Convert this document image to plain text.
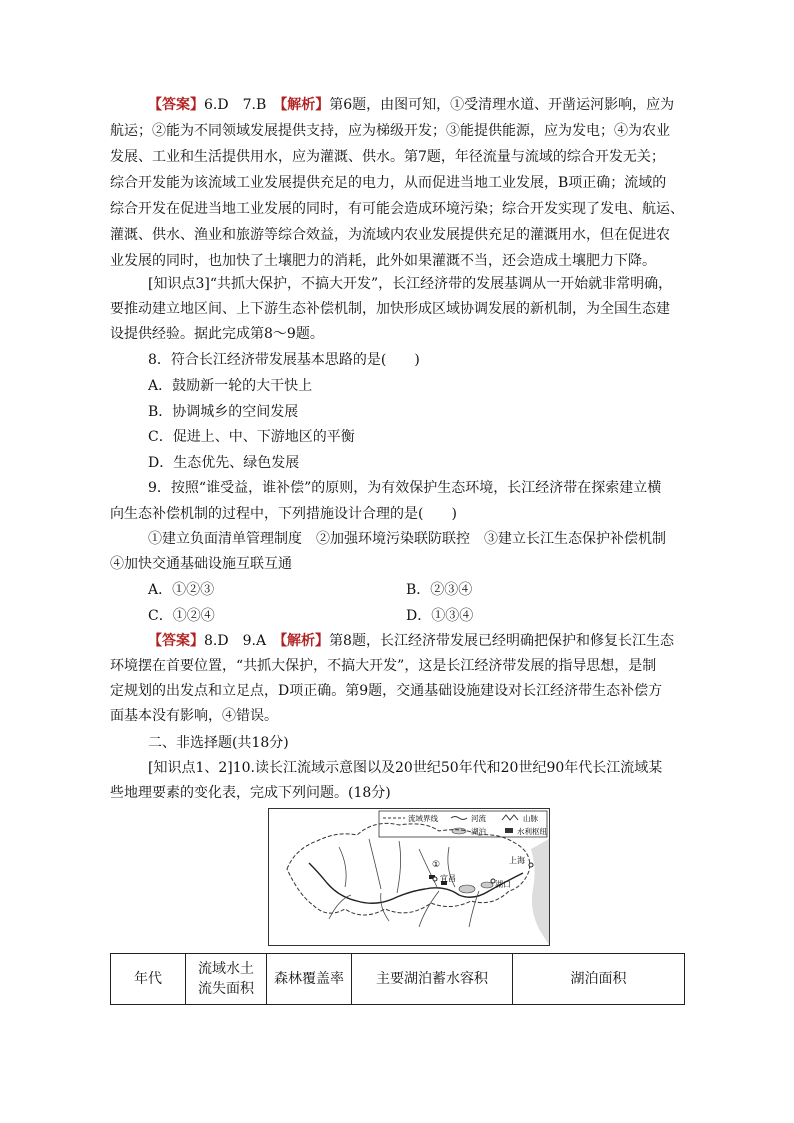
【答案】6.D　7.B　【解析】第6题，由图可知，①受清理水道、开凿运河影响，应为
航运；②能为不同领域发展提供支持，应为梯级开发；③能提供能源，应为发电；④为农业
发展、工业和生活提供用水，应为灌溉、供水。第7题，年径流量与流域的综合开发无关；
综合开发能为该流域工业发展提供充足的电力，从而促进当地工业发展，B项正确；流域的
综合开发在促进当地工业发展的同时，有可能会造成环境污染；综合开发实现了发电、航运、
灌溉、供水、渔业和旅游等综合效益，为流域内农业发展提供充足的灌溉用水，但在促进农
业发展的同时，也加快了土壤肥力的消耗，此外如果灌溉不当，还会造成土壤肥力下降。
[知识点3]“共抓大保护，不搞大开发”，长江经济带的发展基调从一开始就非常明确，
要推动建立地区间、上下游生态补偿机制，加快形成区域协调发展的新机制，为全国生态建
设提供经验。据此完成第8～9题。
8．符合长江经济带发展基本思路的是(　　)
A．鼓励新一轮的大干快上
B．协调城乡的空间发展
C．促进上、中、下游地区的平衡
D．生态优先、绿色发展
9．按照“谁受益，谁补偿”的原则，为有效保护生态环境，长江经济带在探索建立横
向生态补偿机制的过程中，下列措施设计合理的是(　　)
①建立负面清单管理制度　②加强环境污染联防联控　③建立长江生态保护补偿机制
④加快交通基础设施互联互通
A．①②③	B．②③④
C．①②④	D．①③④
【答案】8.D　9.A　【解析】第8题，长江经济带发展已经明确把保护和修复长江生态
环境摆在首要位置，“共抓大保护，不搞大开发”，这是长江经济带发展的指导思想，是制
定规划的出发点和立足点，D项正确。第9题，交通基础设施建设对长江经济带生态补偿方
面基本没有影响，④错误。
二、非选择题(共18分)
[知识点1、2]10.读长江流域示意图以及20世纪50年代和20世纪90年代长江流域某
些地理要素的变化表，完成下列问题。(18分)
流域界线	河流	山脉
湖泊	水利枢纽
①
宜昌
湖口
上海
年代	流域水土
流失面积	森林覆盖率	主要湖泊蓄水容积	湖泊面积
